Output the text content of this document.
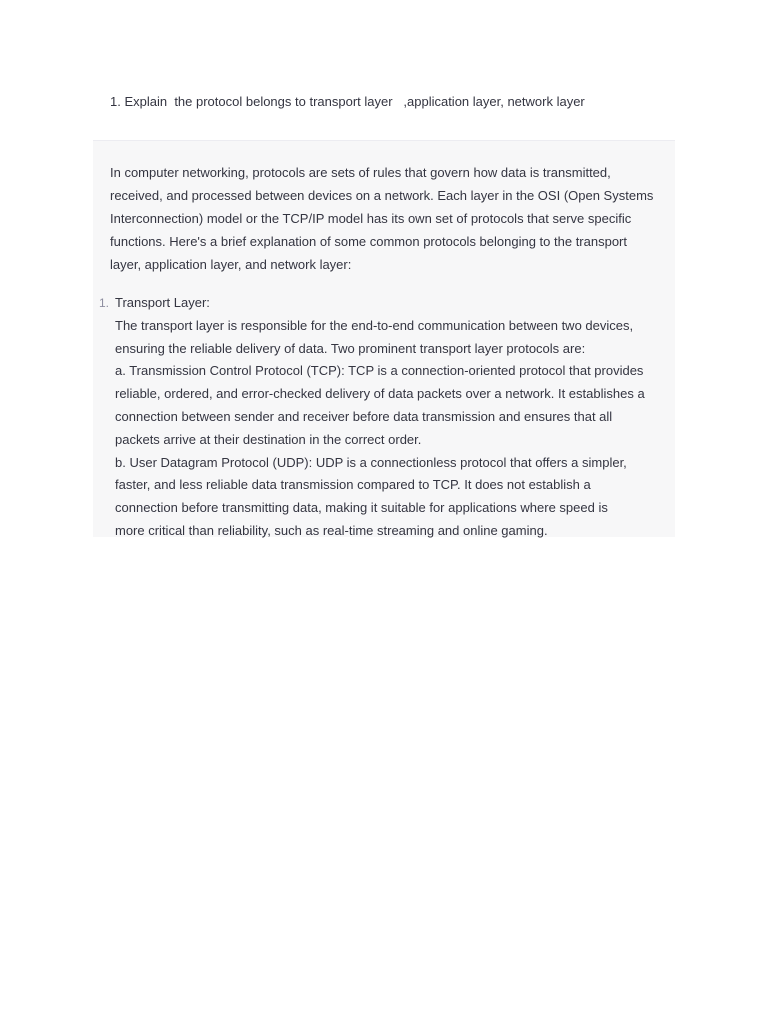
1. Explain  the protocol belongs to transport layer   ,application layer, network layer
In computer networking, protocols are sets of rules that govern how data is transmitted,
received, and processed between devices on a network. Each layer in the OSI (Open Systems
Interconnection) model or the TCP/IP model has its own set of protocols that serve specific
functions. Here's a brief explanation of some common protocols belonging to the transport
layer, application layer, and network layer:
1. Transport Layer:
The transport layer is responsible for the end-to-end communication between two devices,
ensuring the reliable delivery of data. Two prominent transport layer protocols are:
a. Transmission Control Protocol (TCP): TCP is a connection-oriented protocol that provides
reliable, ordered, and error-checked delivery of data packets over a network. It establishes a
connection between sender and receiver before data transmission and ensures that all
packets arrive at their destination in the correct order.
b. User Datagram Protocol (UDP): UDP is a connectionless protocol that offers a simpler,
faster, and less reliable data transmission compared to TCP. It does not establish a
connection before transmitting data, making it suitable for applications where speed is
more critical than reliability, such as real-time streaming and online gaming.
